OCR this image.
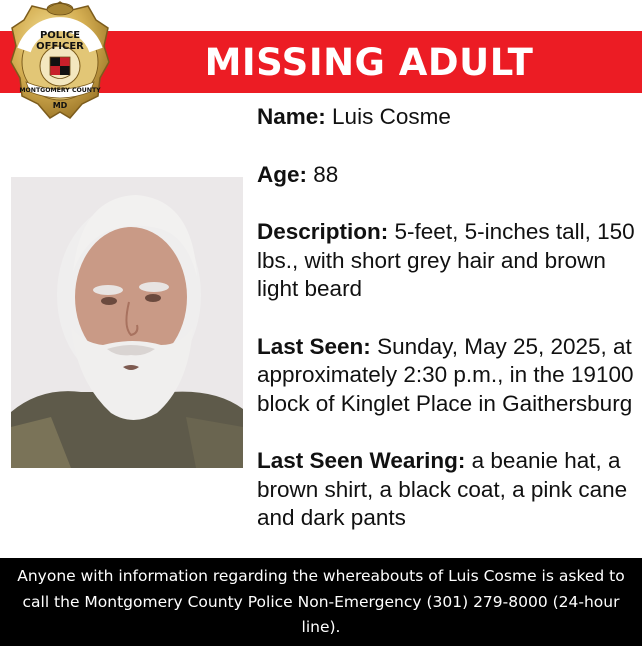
MISSING ADULT
POLICE
OFFICER
MONTGOMERY COUNTY
MD	Name: Luis Cosme
Age: 88
Description: 5-feet, 5-inches tall, 150 lbs., with short grey hair and brown light beard
Last Seen: Sunday, May 25, 2025, at approximately 2:30 p.m., in the 19100 block of Kinglet Place in Gaithersburg
Last Seen Wearing: a beanie hat, a brown shirt, a black coat, a pink cane and dark pants
Anyone with information regarding the whereabouts of Luis Cosme is asked to call the Montgomery County Police Non-Emergency (301) 279-8000 (24-hour line).
